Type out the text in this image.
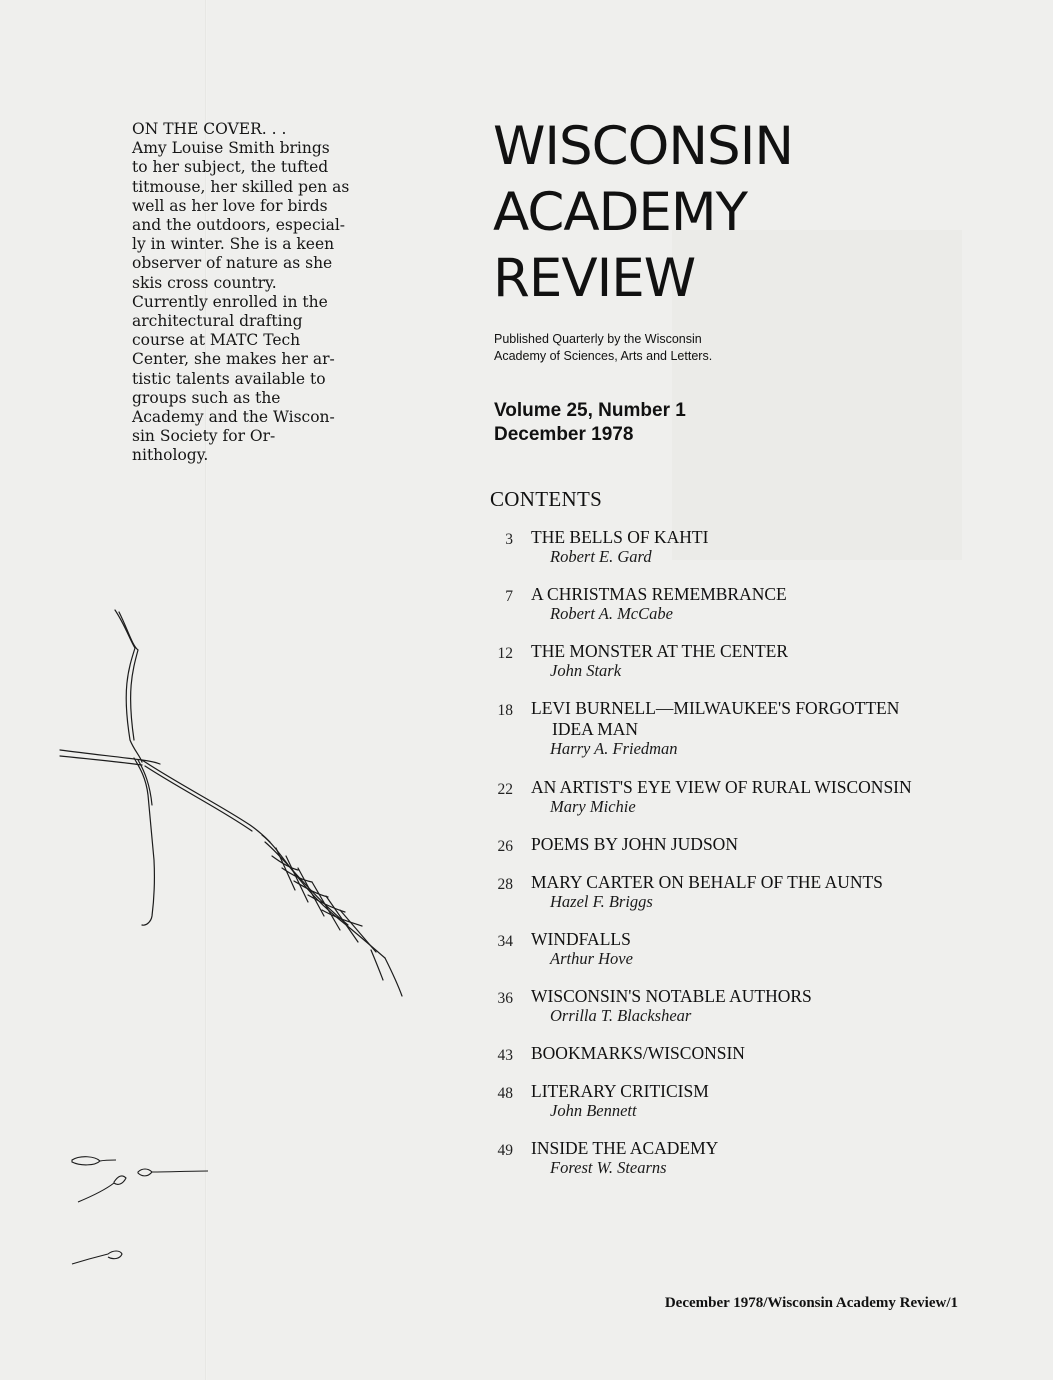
ON THE COVER. . .
Amy Louise Smith brings
to her subject, the tufted
titmouse, her skilled pen as
well as her love for birds
and the outdoors, especial-
ly in winter. She is a keen
observer of nature as she
skis cross country.
Currently enrolled in the
architectural drafting
course at MATC Tech
Center, she makes her ar-
tistic talents available to
groups such as the
Academy and the Wiscon-
sin Society for Or-
nithology.
WISCONSIN
ACADEMY
REVIEW
Published Quarterly by the Wisconsin
Academy of Sciences, Arts and Letters.
Volume 25, Number 1
December 1978
CONTENTS
3 THE BELLS OF KAHTI
Robert E. Gard
7 A CHRISTMAS REMEMBRANCE
Robert A. McCabe
12 THE MONSTER AT THE CENTER
John Stark
18 LEVI BURNELL—MILWAUKEE'S FORGOTTEN
IDEA MAN
Harry A. Friedman
22 AN ARTIST'S EYE VIEW OF RURAL WISCONSIN
Mary Michie
26 POEMS BY JOHN JUDSON
28 MARY CARTER ON BEHALF OF THE AUNTS
Hazel F. Briggs
34 WINDFALLS
Arthur Hove
36 WISCONSIN'S NOTABLE AUTHORS
Orrilla T. Blackshear
43 BOOKMARKS/WISCONSIN
48 LITERARY CRITICISM
John Bennett
49 INSIDE THE ACADEMY
Forest W. Stearns
December 1978/Wisconsin Academy Review/1
